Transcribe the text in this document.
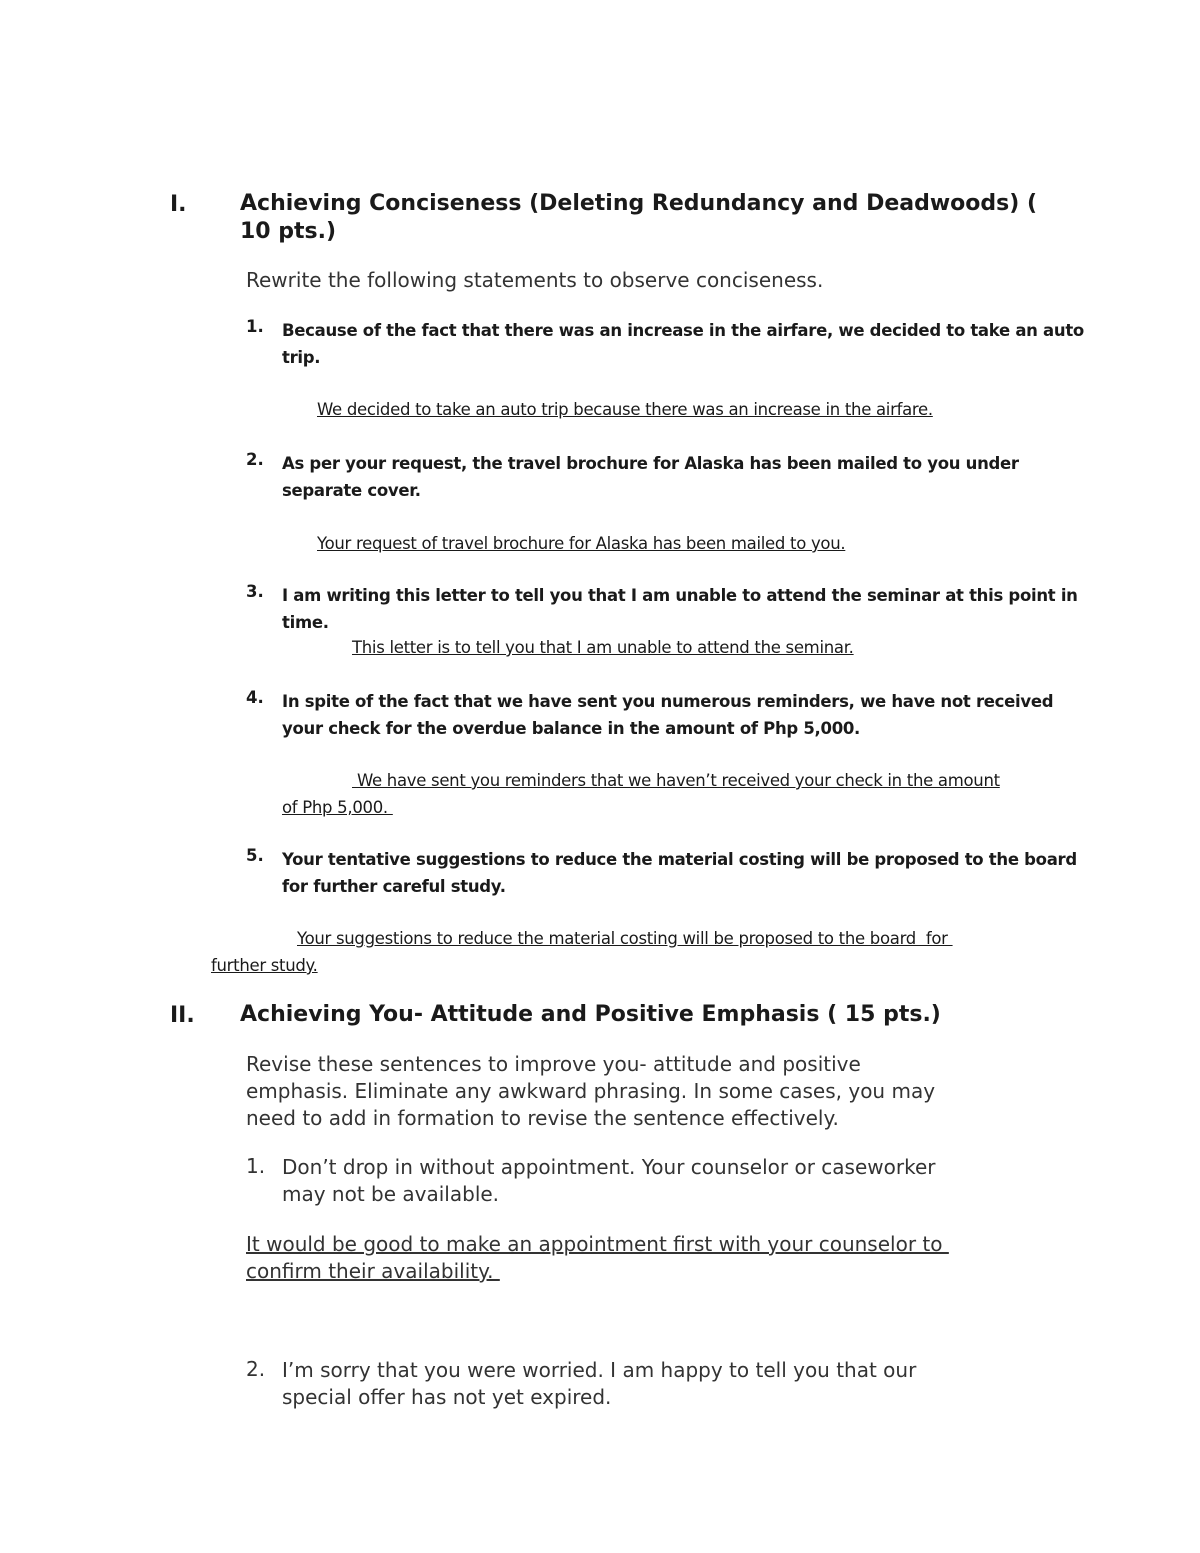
I. Achieving Conciseness (Deleting Redundancy and Deadwoods) (
10 pts.)
Rewrite the following statements to observe conciseness.
1. Because of the fact that there was an increase in the airfare, we decided to take an auto
trip.
We decided to take an auto trip because there was an increase in the airfare.
2. As per your request, the travel brochure for Alaska has been mailed to you under
separate cover.
Your request of travel brochure for Alaska has been mailed to you.
3. I am writing this letter to tell you that I am unable to attend the seminar at this point in
time.
This letter is to tell you that I am unable to attend the seminar.
4. In spite of the fact that we have sent you numerous reminders, we have not received
your check for the overdue balance in the amount of Php 5,000.
We have sent you reminders that we haven’t received your check in the amount
of Php 5,000.
5. Your tentative suggestions to reduce the material costing will be proposed to the board
for further careful study.
Your suggestions to reduce the material costing will be proposed to the board  for
further study.
II. Achieving You- Attitude and Positive Emphasis ( 15 pts.)
Revise these sentences to improve you- attitude and positive
emphasis. Eliminate any awkward phrasing. In some cases, you may
need to add in formation to revise the sentence effectively.
1. Don’t drop in without appointment. Your counselor or caseworker
may not be available.
It would be good to make an appointment first with your counselor to
confirm their availability.
2. I’m sorry that you were worried. I am happy to tell you that our
special offer has not yet expired.
